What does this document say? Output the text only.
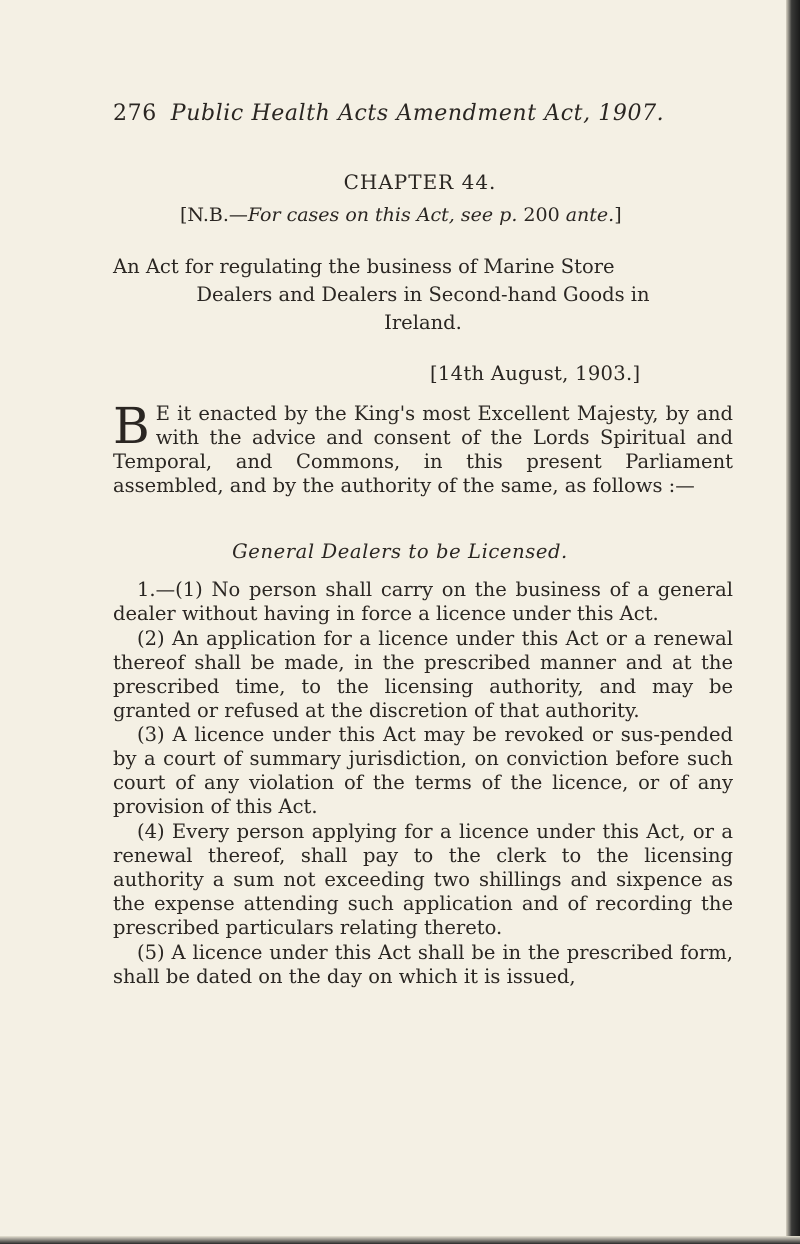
276 Public Health Acts Amendment Act, 1907.
CHAPTER 44.
[N.B.—For cases on this Act, see p. 200 ante.]

An Act for regulating the business of Marine Store

Dealers and Dealers in Second-hand Goods in

Ireland.

[14th August, 1903.]
B E it enacted by the King's most Excellent Majesty, by and with the advice and consent of the Lords Spiritual and Temporal, and Commons, in this present Parliament assembled, and by the authority of the same, as follows :—
General Dealers to be Licensed.

1.—(1) No person shall carry on the business of a general dealer without having in force a licence under this Act.

(2) An application for a licence under this Act or a renewal thereof shall be made, in the prescribed manner and at the prescribed time, to the licensing authority, and may be granted or refused at the discretion of that authority.

(3) A licence under this Act may be revoked or sus-pended by a court of summary jurisdiction, on conviction before such court of any violation of the terms of the licence, or of any provision of this Act.

(4) Every person applying for a licence under this Act, or a renewal thereof, shall pay to the clerk to the licensing authority a sum not exceeding two shillings and sixpence as the expense attending such application and of recording the prescribed particulars relating thereto.

(5) A licence under this Act shall be in the prescribed form, shall be dated on the day on which it is issued,
